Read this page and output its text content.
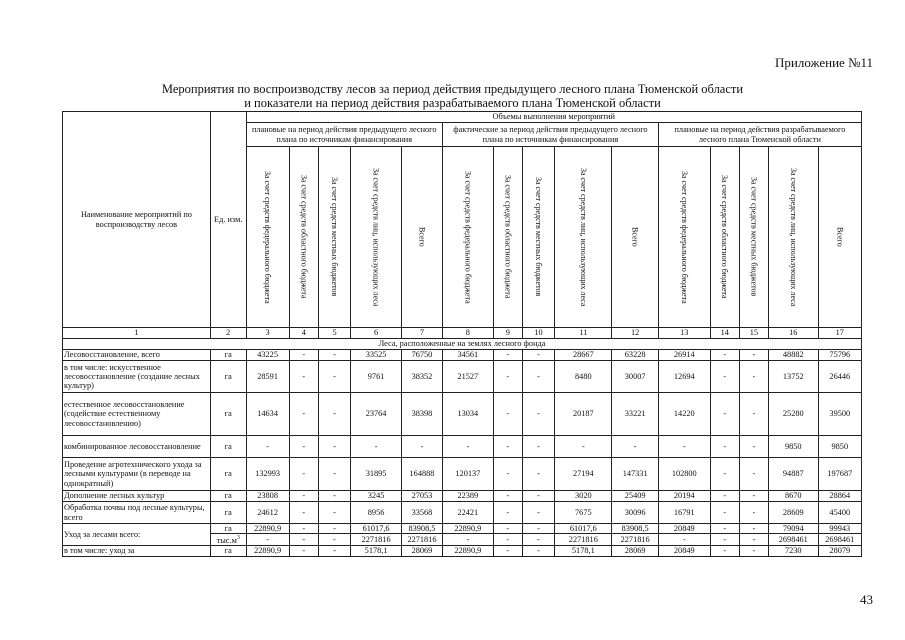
Приложение №11
Мероприятия по воспроизводству лесов за период действия предыдущего лесного плана Тюменской области
и показатели на период действия разрабатываемого плана Тюменской области
Наименование мероприятий по воспроизводству лесов	Ед. изм.	Объемы выполнения мероприятий														
		плановые на период действия предыдущего лесного плана по источникам финансирования					фактические за период действия предыдущего лесного плана по источникам финансирования					плановые на период действия разрабатываемого лесного плана Тюменской области				

		За счет средств федерального бюджета	За счет средств областного бюджета	За счет средств местных бюджетов	За счет средств лиц, использующих леса	Всего	За счет средств федерального бюджета	За счет средств областного бюджета	За счет средств местных бюджетов	За счет средств лиц, использующих леса	Всего	За счет средств федерального бюджета	За счет средств областного бюджета	За счет средств местных бюджетов	За счет средств лиц, использующих леса	Всего

1	2	3	4	5	6	7	8	9	10	11	12	13	14	15	16	17
Леса, расположенные на землях лесного фонда																
Лесовосстановление, всего	га	43225	-	-	33525	76750	34561	-	-	28667	63228	26914	-	-	48882	75796
в том числе: искусственное лесовосстановление (создание лесных культур)	га	28591	-	-	9761	38352	21527	-	-	8480	30007	12694	-	-	13752	26446
естественное лесовосстановление (содействие естественному лесовосстановлению)	га	14634	-	-	23764	38398	13034	-	-	20187	33221	14220	-	-	25280	39500
комбинированное лесовосстановление	га	-	-	-	-	-	-	-	-	-	-	-	-	-	9850	9850
Проведение агротехнического ухода за лесными культурами (в переводе на однократный)	га	132993	-	-	31895	164888	120137	-	-	27194	147331	102800	-	-	94887	197687
Дополнение лесных культур	га	23808	-	-	3245	27053	22389	-	-	3020	25409	20194	-	-	8670	28864
Обработка почвы под лесные культуры, всего	га	24612	-	-	8956	33568	22421	-	-	7675	30096	16791	-	-	28609	45400
Уход за лесами всего:	га	22890,9	-	-	61017,6	83908,5	22890,9	-	-	61017,6	83908,5	20849	-	-	79094	99943
	$тыс.м^3$	-	-	-	2271816	2271816	-	-	-	2271816	2271816	-	-	-	2698461	2698461
в том числе: уход за	га	22890,9	-	-	5178,1	28069	22890,9	-	-	5178,1	28069	20849	-	-	7230	28079
43
